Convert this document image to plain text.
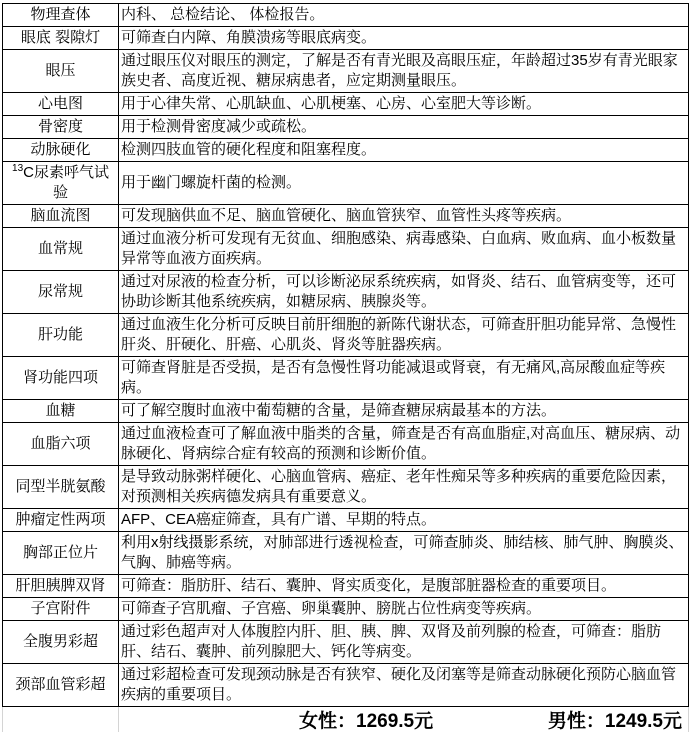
物理查体	内科、 总检结论、 体检报告。
眼底 裂隙灯	可筛查白内障、角膜溃疡等眼底病变。
眼压	通过眼压仪对眼压的测定，了解是否有青光眼及高眼压症，年龄超过35岁有青光眼家族史者、高度近视、糖尿病患者，应定期测量眼压。
心电图	用于心律失常、心肌缺血、心肌梗塞、心房、心室肥大等诊断。
骨密度	用于检测骨密度减少或疏松。
动脉硬化	检测四肢血管的硬化程度和阻塞程度。
$^{13}$C尿素呼气试验	用于幽门螺旋杆菌的检测。
脑血流图	可发现脑供血不足、脑血管硬化、脑血管狭窄、血管性头疼等疾病。
血常规	通过血液分析可发现有无贫血、细胞感染、病毒感染、白血病、败血病、血小板数量异常等血液方面疾病。
尿常规	通过对尿液的检查分析，可以诊断泌尿系统疾病，如肾炎、结石、血管病变等，还可协助诊断其他系统疾病，如糖尿病、胰腺炎等。
肝功能	通过血液生化分析可反映目前肝细胞的新陈代谢状态，可筛查肝胆功能异常、急慢性肝炎、肝硬化、肝癌、心肌炎、肾炎等脏器疾病。
肾功能四项	可筛查肾脏是否受损，是否有急慢性肾功能减退或肾衰，有无痛风,高尿酸血症等疾病。
血糖	可了解空腹时血液中葡萄糖的含量，是筛查糖尿病最基本的方法。
血脂六项	通过血液检查可了解血液中脂类的含量，筛查是否有高血脂症,对高血压、糖尿病、动脉硬化、肾病综合症有较高的预测和诊断价值。
同型半胱氨酸	是导致动脉粥样硬化、心脑血管病、癌症、老年性痴呆等多种疾病的重要危险因素，对预测相关疾病德发病具有重要意义。
肿瘤定性两项	AFP、CEA癌症筛查，具有广谱、早期的特点。
胸部正位片	利用x射线摄影系统，对肺部进行透视检查，可筛查肺炎、肺结核、肺气肿、胸膜炎、气胸、肺癌等病。
肝胆胰脾双肾	可筛查：脂肪肝、结石、囊肿、肾实质变化，是腹部脏器检查的重要项目。
子宫附件	可筛查子宫肌瘤、子宫癌、卵巢囊肿、膀胱占位性病变等疾病。
全腹男彩超	通过彩色超声对人体腹腔内肝、胆、胰、脾、双肾及前列腺的检查，可筛查：脂肪肝、结石、囊肿、前列腺肥大、钙化等病变。
颈部血管彩超	通过彩超检查可发现颈动脉是否有狭窄、硬化及闭塞等是筛查动脉硬化预防心脑血管疾病的重要项目。
女性：1269.5元	男性：1249.5元
